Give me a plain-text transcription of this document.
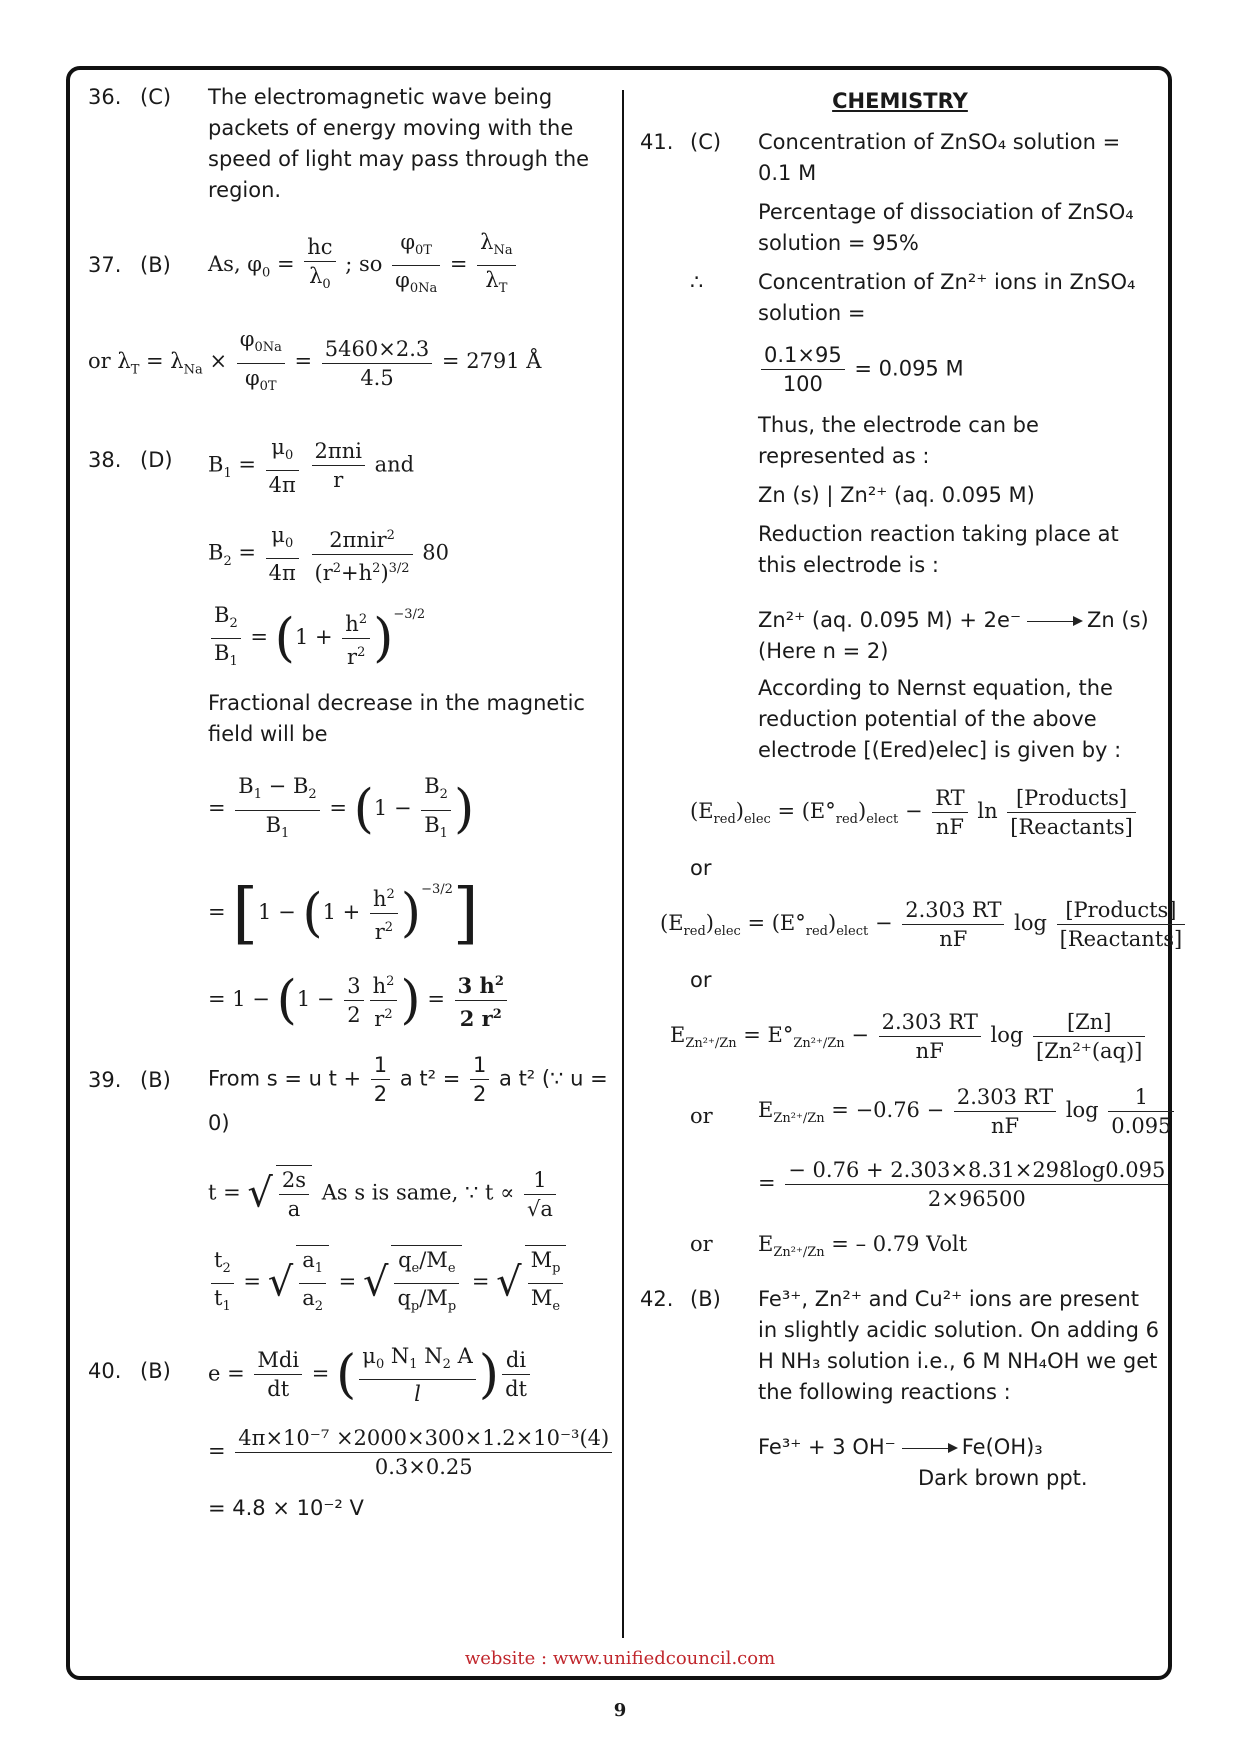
36. (C) The electromagnetic wave being packets of energy moving with the speed of light may pass through the region.
37. (B) As, $\varphi_0 = \frac{hc}{\lambda_0}$ ; so $\frac{\varphi_{0T}}{\varphi_{0Na}}$ =
$\lambda_{Na}$
$\lambda_T$
or $\lambda_T = \lambda_{Na} \times \frac{\varphi_{0Na}}{\varphi_{0T}} = \frac{5460\times 2.3}{4.5} = 2791$ Å
38. (D) $B_1 = \frac{\mu_0}{4\pi}$
2πni
r
and
$B_2 = \frac{\mu_0}{4\pi}$
	2πnir$^2$
$(r^2+h^2)^{3/2}$
80
$\frac{B_2}{B_1} = (1 + \frac{h^2}{r^2} )^{-3/2}$
Fractional decrease in the magnetic field will be
= $\frac{B_1 - B_2}{B_1} = (1 - \frac{B_2}{B_1}$ )
= $[1 - (1 + \frac{h^2}{r^2} )^{-3/2}]$
= $1 - (1 - \frac{3}{2} \frac{h^2}{r^2}$ ) = $\frac{3 h^2}{2 r^2}$
39. (B) From s = u $t + \frac{1}{2}$ a $t^2 = \frac{1}{2}$ a t² (∵ u = 0)
t = √ $\frac{2s}{a}$ As s is same, ∵ $t \propto \frac{1}{√a}$
$\frac{t_2}{t_1}$ = √ $\frac{a_1}{a_2}$ = √ $\frac{q_e/M_e}{q_p/M_p}$ = √ $\frac{M_p}{M_e}$
40. (B) e =
Mdi
dt
= ( $\frac{\mu_0 N_1 N_2 A}{l}$ ) $\frac{di}{dt}$
= $\frac{\text{4π×10⁻⁷ ×2000×300×1.2×10⁻³(4)}}{0.3\times 0.25}$
= 4.8 × 10⁻² V
CHEMISTRY
41. (C) Concentration of ZnSO₄ solution = 0.1 M
Percentage of dissociation of ZnSO₄ solution = 95%
∴	Concentration of Zn²⁺ ions in ZnSO₄ solution =
$\frac{0.1\times 95}{100} = 0.095$ M
Thus, the electrode can be represented as :
Zn (s) | Zn²⁺ (aq. 0.095 M)
Reduction reaction taking place at this electrode is :
Zn²⁺ (aq. 0.095 M) + 2e⁻	Zn (s)
(Here n = 2)
According to Nernst equation, the reduction potential of the above electrode [(Ered)elec] is given by :
$(E_{red})_{elec} = (E^\circ_{red})_{elect} - \frac{RT}{nF}$ ln
[Products]
[Reactants]
or
$(E_{red})_{elec} = (E^\circ_{red})_{elect} - \frac{2.303 RT}{nF}$ log
[Products]
[Reactants]
or
$E_{Zn^{2+}/Zn} = E^\circ_{Zn^{2+}/Zn} - \frac{2.303 RT}{nF}$ $\log \frac{[Zn]}{\text{[Zn²⁺(aq)]}}$
or $E_{Zn^{2+}/Zn} = -0.76 - \frac{2.303 RT}{nF}$ $\log \frac{1}{0.095}$
= $\frac{- 0.76 + 2.303\times 8.31\times 298\log 0.095}{2\times 96500}$
or $E_{Zn^{2+}/Zn}$ = – 0.79 Volt
42. (B) Fe³⁺, Zn²⁺ and Cu²⁺ ions are present in slightly acidic solution. On adding 6 H NH₃ solution i.e., 6 M NH₄OH we get the following reactions :
Fe³⁺ + 3 OH⁻	Fe(OH)₃
Dark brown ppt.
website : www.unifiedcouncil.com
9
